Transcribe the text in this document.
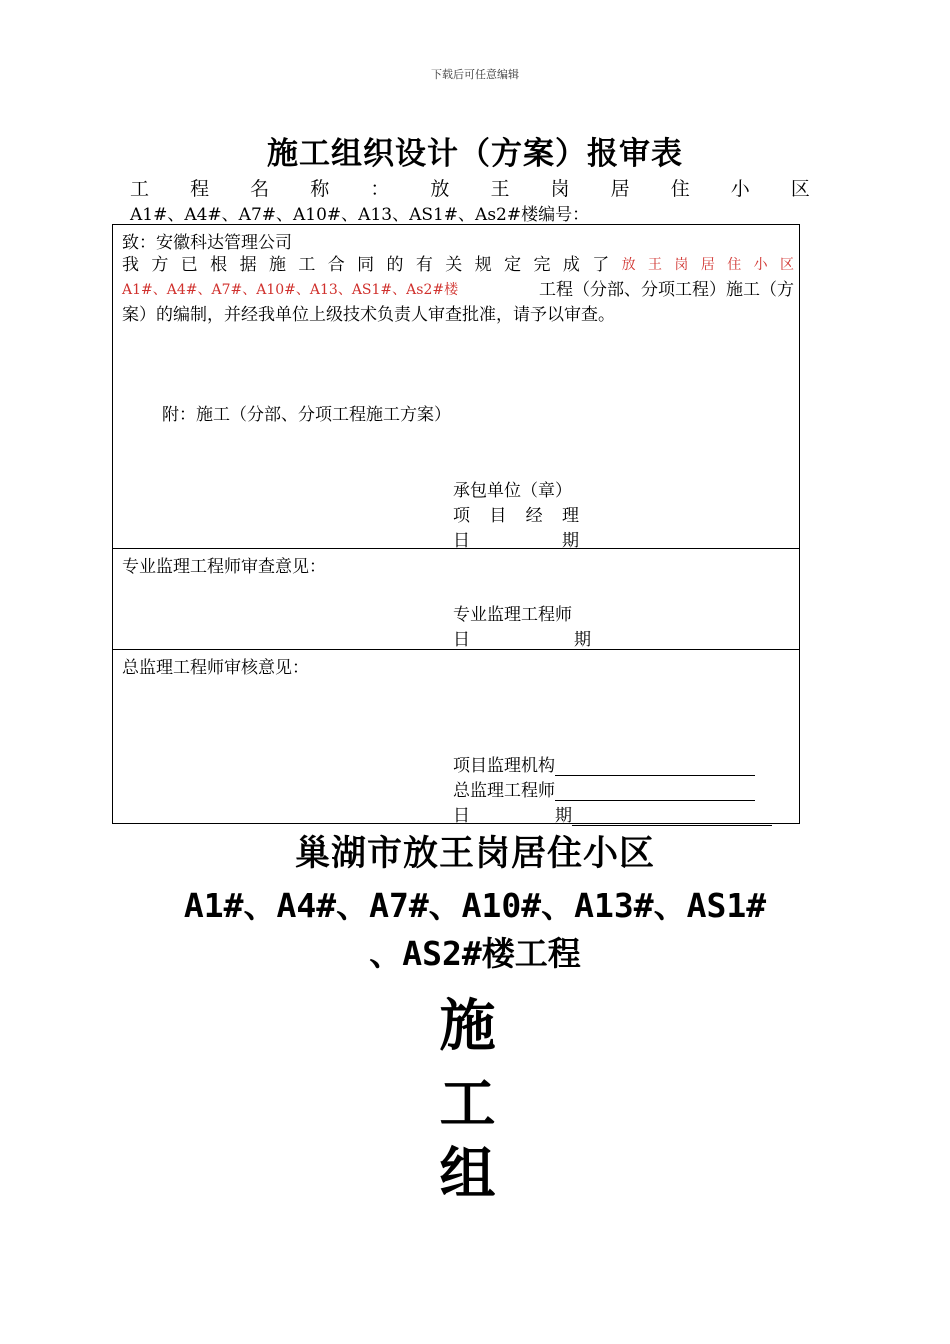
下载后可任意编辑
施工组织设计（方案）报审表
工 程 名 称 ： 放 王 岗 居 住 小 区
A1#、A4#、A7#、A10#、A13、AS1#、As2#楼编号：
致：安徽科达管理公司
我 方 已 根 据 施 工 合 同 的 有 关 规 定 完 成 了 放 王 岗 居 住 小 区
A1#、A4#、A7#、A10#、A13、AS1#、As2#楼	工程（分部、分项工程）施工（方
案）的编制，并经我单位上级技术负责人审查批准，请予以审查。
附：施工（分部、分项工程施工方案）
承包单位（章）
项 目 经 理
日	期
专业监理工程师审查意见：
专业监理工程师
日	期
总监理工程师审核意见：
项目监理机构
总监理工程师
日	期
巢湖市放王岗居住小区
A1#、A4#、A7#、A10#、A13#、AS1#
、AS2#楼工程
施
工
组
